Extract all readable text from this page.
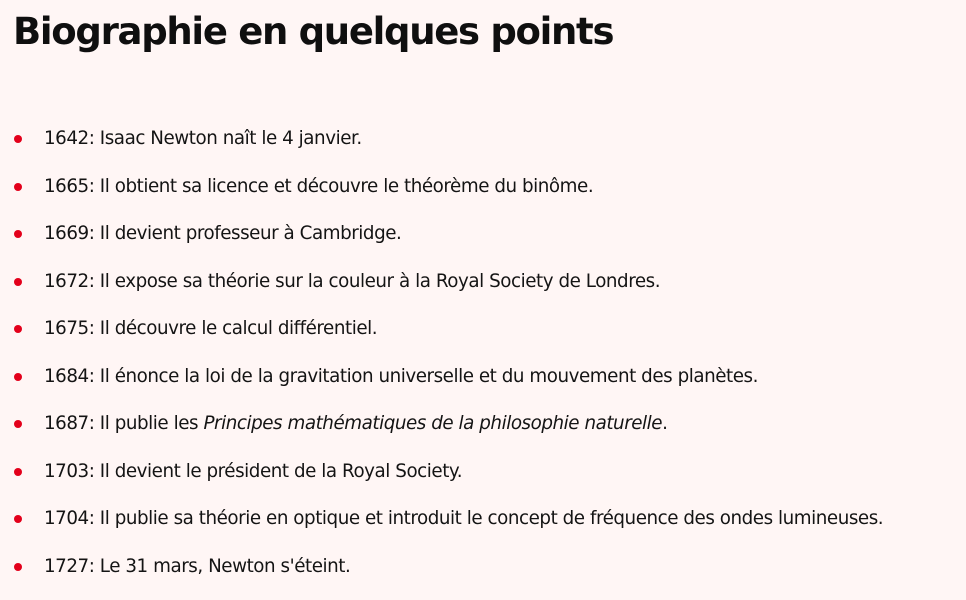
Biographie en quelques points
1642: Isaac Newton naît le 4 janvier.
1665: Il obtient sa licence et découvre le théorème du binôme.
1669: Il devient professeur à Cambridge.
1672: Il expose sa théorie sur la couleur à la Royal Society de Londres.
1675: Il découvre le calcul différentiel.
1684: Il énonce la loi de la gravitation universelle et du mouvement des planètes.
1687: Il publie les Principes mathématiques de la philosophie naturelle.
1703: Il devient le président de la Royal Society.
1704: Il publie sa théorie en optique et introduit le concept de fréquence des ondes lumineuses.
1727: Le 31 mars, Newton s'éteint.
